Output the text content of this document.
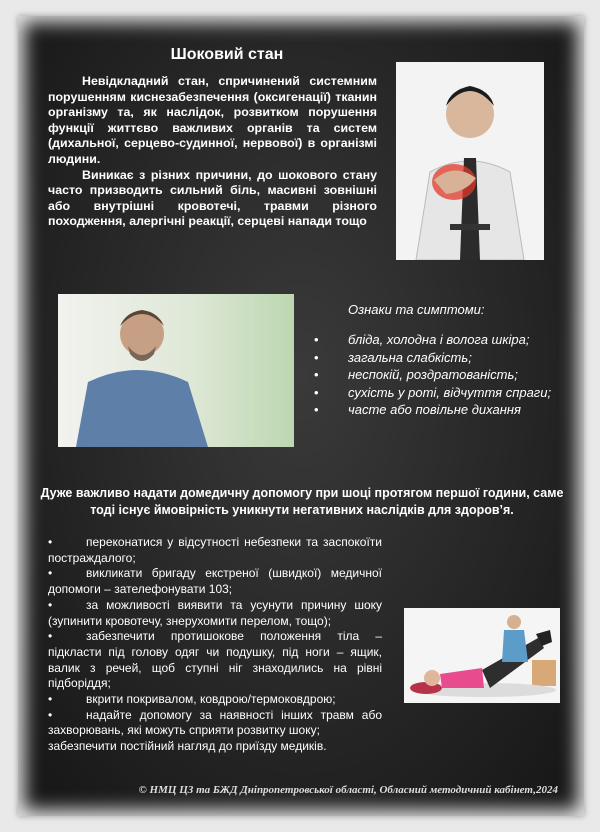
Шоковий стан

Невідкладний стан, спричинений системним порушенням киснезабезпечення (оксигенації) тканин організму та, як наслідок, розвитком порушення функції життєво важливих органів та систем (дихальної, серцево-судинної, нервової) в організмі людини.

Виникає з різних причини, до шокового стану часто призводить сильний біль, масивні зовнішні або внутрішні кровотечі, травми різного походження, алергічні реакції, серцеві напади тощо

Ознаки та симптоми:

• бліда, холодна і волога шкіра;
• загальна слабкість;
• неспокій, роздратованість;
• сухість у роті, відчуття спраги;
• часте або повільне дихання
Дуже важливо надати домедичну допомогу при шоці протягом першої години, саме тоді існує ймовірність уникнути негативних наслідків для здоров’я.
•	переконатися у відсутності небезпеки та заспокоїти постраждалого;
•	викликати бригаду екстреної (швидкої) медичної допомоги – зателефонувати 103;
•	за можливості виявити та усунути причину шоку (зупинити кровотечу, знерухомити перелом, тощо);
•	забезпечити протишокове положення тіла – підкласти під голову одяг чи подушку, під ноги – ящик, валик з речей, щоб ступні ніг знаходились на рівні підборіддя;
•	вкрити покривалом, ковдрою/термоковдрою;
•	надайте допомогу за наявності інших травм або захворювань, які можуть сприяти розвитку шоку;

забезпечити постійний нагляд до приїзду медиків.

© НМЦ ЦЗ та БЖД Дніпропетровської області, Обласний методичний кабінет,2024
